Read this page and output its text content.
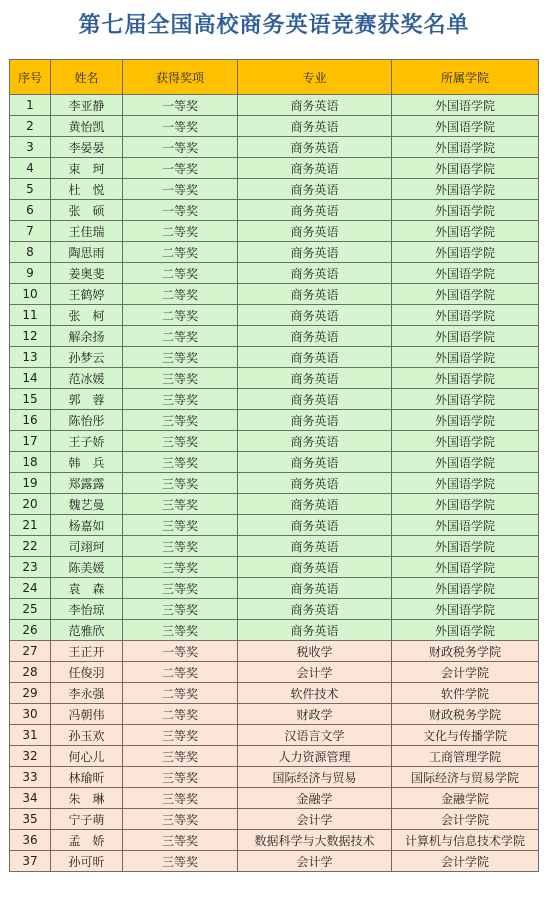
第七届全国高校商务英语竞赛获奖名单
序号	姓名	获得奖项	专业	所属学院
1	李亚静	一等奖	商务英语	外国语学院
2	黄怡凯	一等奖	商务英语	外国语学院
3	李晏晏	一等奖	商务英语	外国语学院
4	束　珂	一等奖	商务英语	外国语学院
5	杜　悦	一等奖	商务英语	外国语学院
6	张　硕	一等奖	商务英语	外国语学院
7	王佳瑞	二等奖	商务英语	外国语学院
8	陶思雨	二等奖	商务英语	外国语学院
9	姜奥斐	二等奖	商务英语	外国语学院
10	王鹤婷	二等奖	商务英语	外国语学院
11	张　柯	二等奖	商务英语	外国语学院
12	解余扬	二等奖	商务英语	外国语学院
13	孙梦云	三等奖	商务英语	外国语学院
14	范冰媛	三等奖	商务英语	外国语学院
15	郭　蓉	三等奖	商务英语	外国语学院
16	陈怡彤	三等奖	商务英语	外国语学院
17	王子娇	三等奖	商务英语	外国语学院
18	韩　兵	三等奖	商务英语	外国语学院
19	郑露露	三等奖	商务英语	外国语学院
20	魏艺曼	三等奖	商务英语	外国语学院
21	杨嘉如	三等奖	商务英语	外国语学院
22	司翊珂	三等奖	商务英语	外国语学院
23	陈美媛	三等奖	商务英语	外国语学院
24	袁　森	三等奖	商务英语	外国语学院
25	李怡琼	三等奖	商务英语	外国语学院
26	范雅欣	三等奖	商务英语	外国语学院
27	王正开	一等奖	税收学	财政税务学院
28	任俊羽	二等奖	会计学	会计学院
29	李永强	二等奖	软件技术	软件学院
30	冯朝伟	二等奖	财政学	财政税务学院
31	孙玉欢	三等奖	汉语言文学	文化与传播学院
32	何心儿	三等奖	人力资源管理	工商管理学院
33	林瑜昕	三等奖	国际经济与贸易	国际经济与贸易学院
34	朱　琳	三等奖	金融学	金融学院
35	宁子萌	三等奖	会计学	会计学院
36	孟　娇	三等奖	数据科学与大数据技术	计算机与信息技术学院
37	孙可昕	三等奖	会计学	会计学院
